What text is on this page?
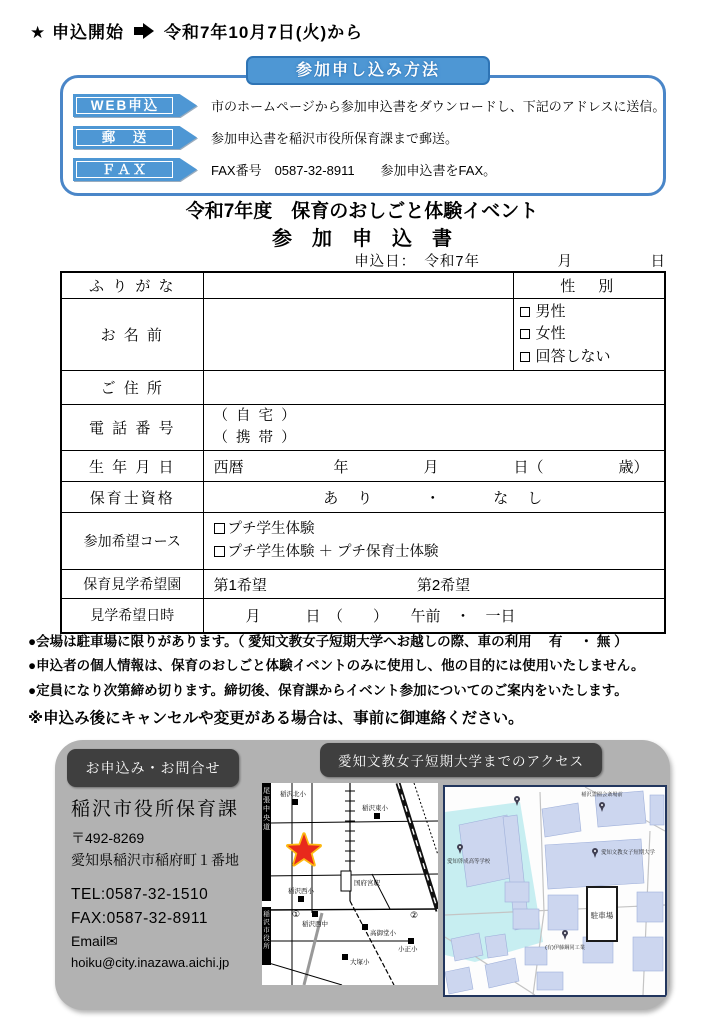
★ 申込開始 令和7年10月7日(火)から
参加申し込み方法
WEB申込	市のホームページから参加申込書をダウンロードし、下記のアドレスに送信。
郵　送	参加申込書を稲沢市役所保育課まで郵送。
ＦＡＸ	FAX番号　0587-32-8911　　参加申込書をFAX。
令和7年度　保育のおしごと体験イベント
参　加　申　込　書
申込日：　令和7年　　　　　月　　　　　日
ふ り が な		性　別
お 名 前		男性
女性
回答しない

ご 住 所		
電 話 番 号	（ 自 宅 ）
（ 携 帯 ）	

生 年 月 日	西暦　　　　　　年　　　　　月　　　　　日（　　　　　歳）	
保育士資格	あ　り　　　・　　　な　し	
参加希望コース	プチ学生体験
プチ学生体験 ＋ プチ保育士体験	

保育見学希望園	第1希望　　　　　　　　　　第2希望	
見学希望日時	月　　　日　（　　）　　午前　・　一日	
●会場は駐車場に限りがあります。（ 愛知文教女子短期大学へお越しの際、車の利用　 有　 ・ 無 ）
●申込者の個人情報は、保育のおしごと体験イベントのみに使用し、他の目的には使用いたしません。
●定員になり次第締め切ります。締切後、保育課からイベント参加についてのご案内をいたします。
※申込み後にキャンセルや変更がある場合は、事前に御連絡ください。
お申込み・お問合せ	愛知文教女子短期大学までのアクセス
稲沢市役所保育課
〒492-8269
愛知県稲沢市稲府町１番地
TEL:0587-32-1510
FAX:0587-32-8911
Email✉
hoiku@city.inazawa.aichi.jp
尾張中央道
稲沢市役所
国府宮駅
稲沢北小
稲沢東小
稲沢西小
稲沢西中
高御堂小
大塚小
小正小
①	②	駐車場
愛知文教女子短期大学
愛知啓成高等学校
稲沢霊園会斎場前
(有)伊藤鋼同工業
